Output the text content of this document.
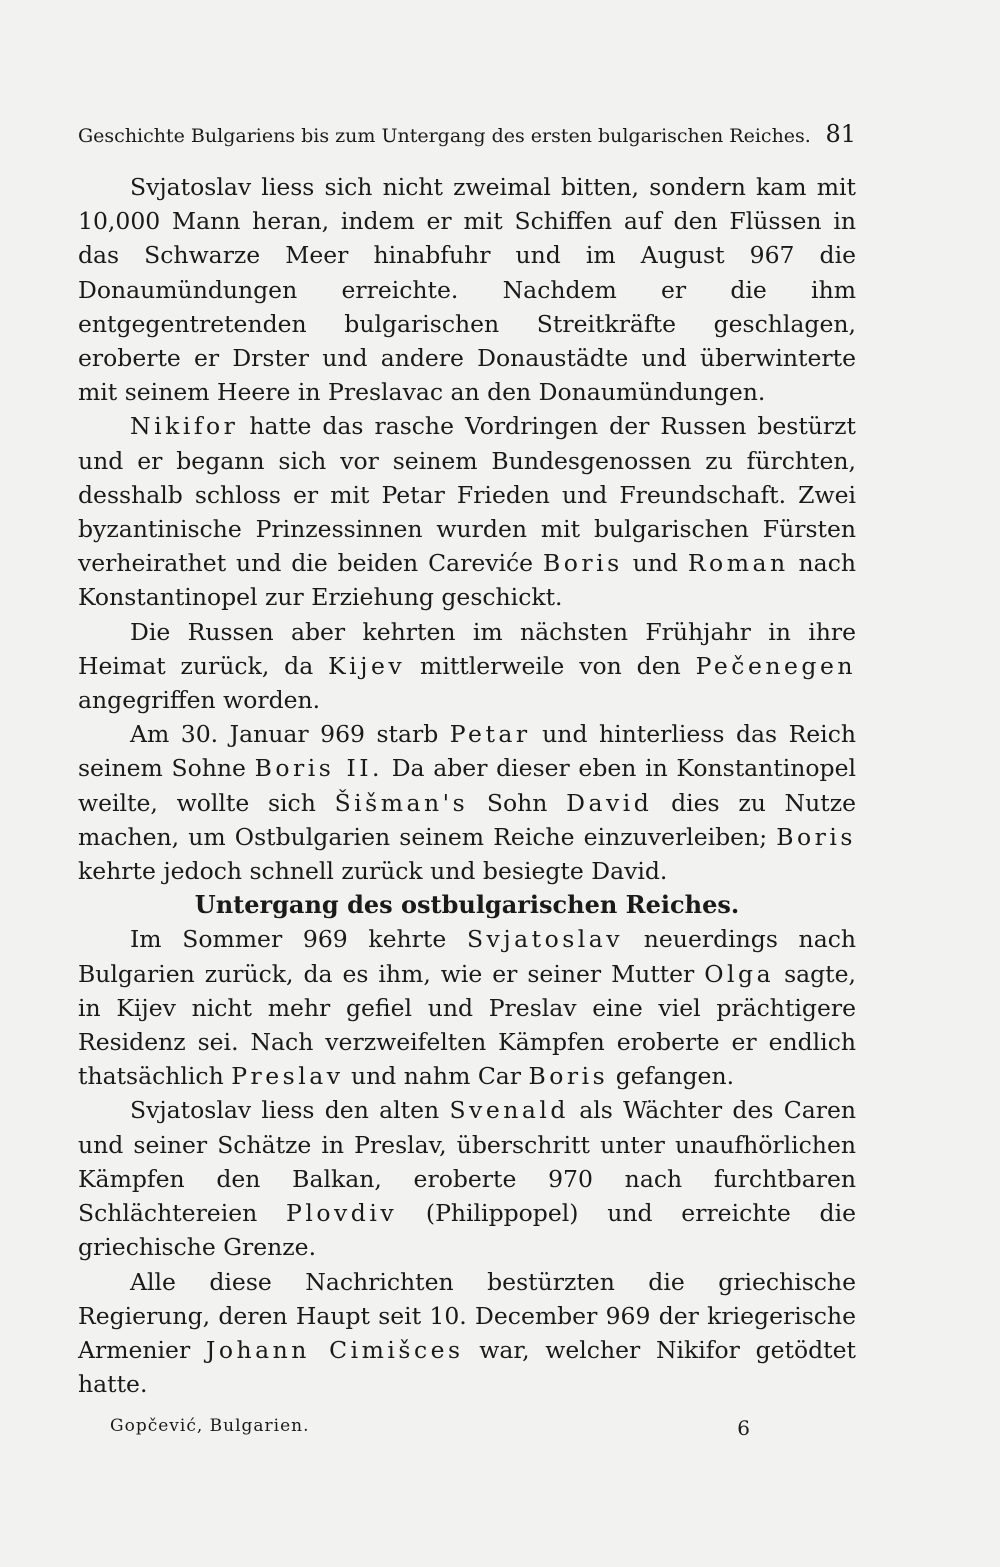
Geschichte Bulgariens bis zum Untergang des ersten bulgarischen Reiches. 81

Svjatoslav liess sich nicht zweimal bitten, sondern kam mit 10,000 Mann heran, indem er mit Schiffen auf den Flüssen in das Schwarze Meer hinabfuhr und im August 967 die Donaumündungen erreichte. Nachdem er die ihm entgegentretenden bulgarischen Streitkräfte geschlagen, eroberte er Drster und andere Donaustädte und überwinterte mit seinem Heere in Preslavac an den Donaumündungen.

Nikifor hatte das rasche Vordringen der Russen bestürzt und er begann sich vor seinem Bundesgenossen zu fürchten, desshalb schloss er mit Petar Frieden und Freundschaft. Zwei byzantinische Prinzessinnen wurden mit bulgarischen Fürsten verheirathet und die beiden Careviće Boris und Roman nach Konstantinopel zur Erziehung geschickt.

Die Russen aber kehrten im nächsten Frühjahr in ihre Heimat zurück, da Kijev mittlerweile von den Pečenegen angegriffen worden.

Am 30. Januar 969 starb Petar und hinterliess das Reich seinem Sohne Boris II. Da aber dieser eben in Konstantinopel weilte, wollte sich Šišman's Sohn David dies zu Nutze machen, um Ostbulgarien seinem Reiche einzuverleiben; Boris kehrte jedoch schnell zurück und besiegte David.

Untergang des ostbulgarischen Reiches.

Im Sommer 969 kehrte Svjatoslav neuerdings nach Bulgarien zurück, da es ihm, wie er seiner Mutter Olga sagte, in Kijev nicht mehr gefiel und Preslav eine viel prächtigere Residenz sei. Nach verzweifelten Kämpfen eroberte er endlich thatsächlich Preslav und nahm Car Boris gefangen.

Svjatoslav liess den alten Svenald als Wächter des Caren und seiner Schätze in Preslav, überschritt unter unaufhörlichen Kämpfen den Balkan, eroberte 970 nach furchtbaren Schlächtereien Plovdiv (Philippopel) und erreichte die griechische Grenze.

Alle diese Nachrichten bestürzten die griechische Regierung, deren Haupt seit 10. December 969 der kriegerische Armenier Johann Cimišces war, welcher Nikifor getödtet hatte.

Gopčević, Bulgarien.	6
